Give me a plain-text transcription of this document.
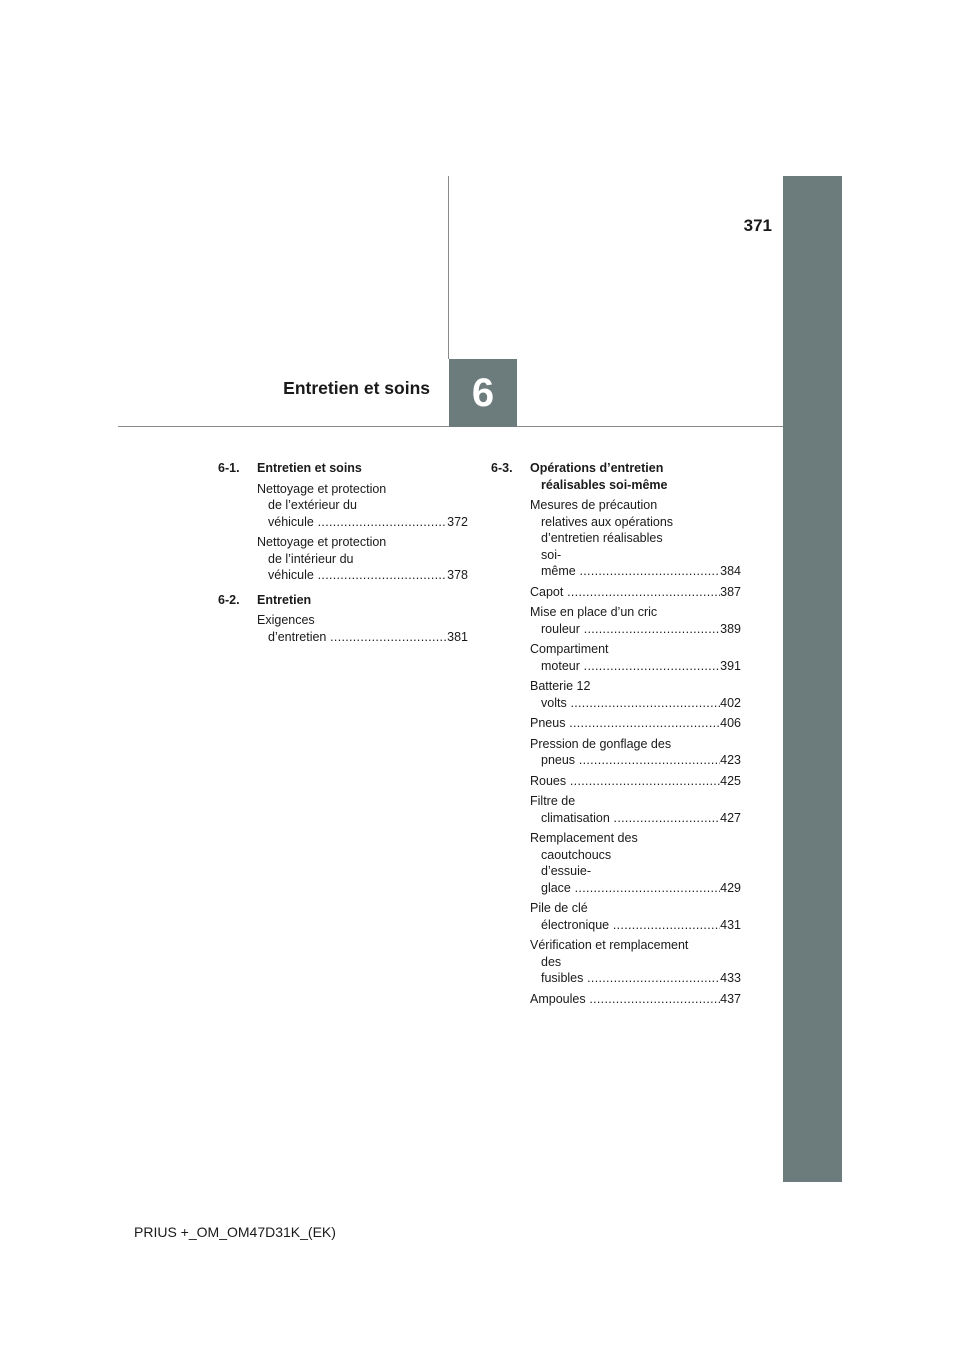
371
Entretien et soins 6
6-1.	Entretien et soins
Nettoyage et protection
de l’extérieur du véhicule .....	372
Nettoyage et protection
de l’intérieur du véhicule .....	378
6-2.	Entretien
Exigences d’entretien .....	381
6-3.	Opérations d’entretien
réalisables soi-même
Mesures de précaution
relatives aux opérations
d’entretien réalisables
soi-même .....	384
Capot .....	387
Mise en place d’un cric
rouleur .....	389
Compartiment moteur .....	391
Batterie 12 volts .....	402
Pneus .....	406
Pression de gonflage des
pneus .....	423
Roues .....	425
Filtre de climatisation .....	427
Remplacement des
caoutchoucs
d’essuie-glace .....	429
Pile de clé électronique .....	431
Vérification et remplacement
des fusibles .....	433
Ampoules .....	437
PRIUS +_OM_OM47D31K_(EK)
